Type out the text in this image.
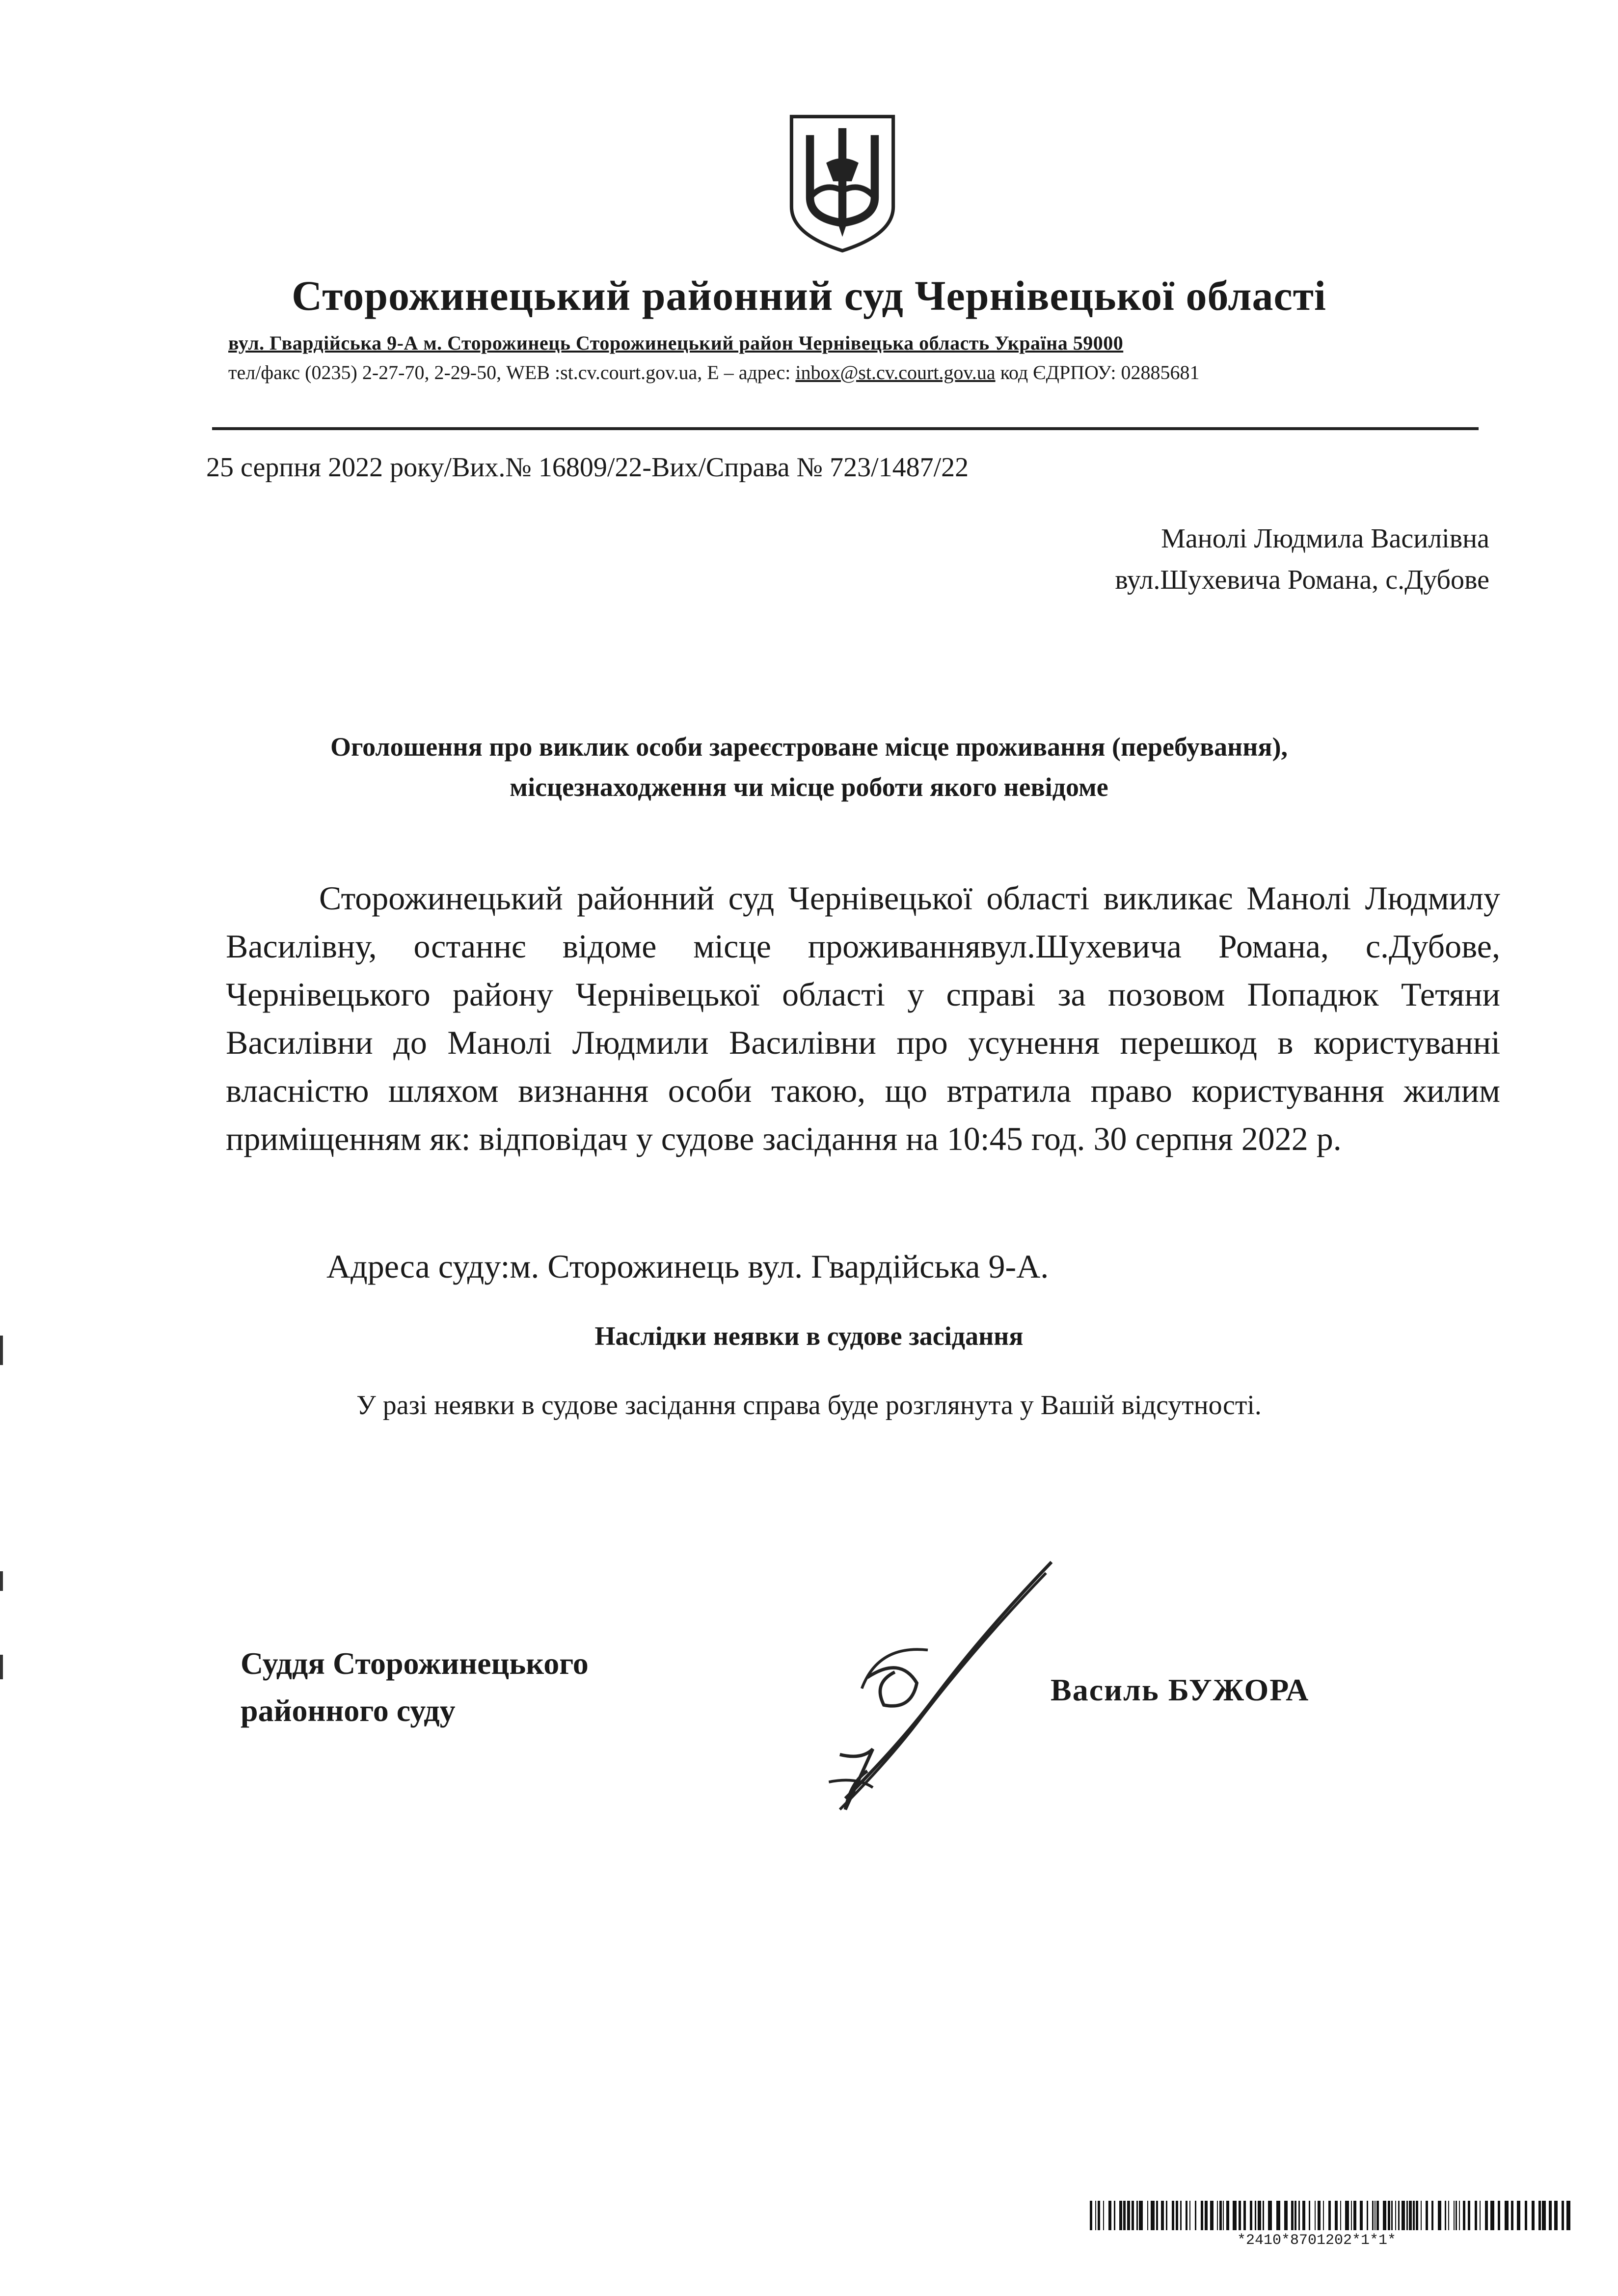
Сторожинецький районний суд Чернівецької області
вул. Гвардійська 9-А м. Сторожинець Сторожинецький район Чернівецька область Україна 59000
тел/факс (0235) 2-27-70, 2-29-50, WEB :st.cv.court.gov.ua, Е – адрес: inbox@st.cv.court.gov.ua код ЄДРПОУ: 02885681
25 серпня 2022 року/Вих.№ 16809/22-Вих/Справа № 723/1487/22
Манолі Людмила Василівна
вул.Шухевича Романа, с.Дубове
Оголошення про виклик особи зареєстроване місце проживання (перебування),
місцезнаходження чи місце роботи якого невідоме

Сторожинецький районний суд Чернівецької області викликає Манолі Людмилу Василівну, останнє відоме місце проживаннявул.Шухевича Романа, с.Дубове, Чернівецького району Чернівецької області у справі за позовом Попадюк Тетяни Василівни до Манолі Людмили Василівни про усунення перешкод в користуванні власністю шляхом визнання особи такою, що втратила право користування жилим приміщенням як: відповідач у судове засідання на 10:45 год. 30 серпня 2022 р.

Адреса суду:м. Сторожинець вул. Гвардійська 9-А.
Наслідки неявки в судове засідання
У разі неявки в судове засідання справа буде розглянута у Вашій відсутності.
Суддя Сторожинецького
районного суду
Василь БУЖОРА
*2410*8701202*1*1*
